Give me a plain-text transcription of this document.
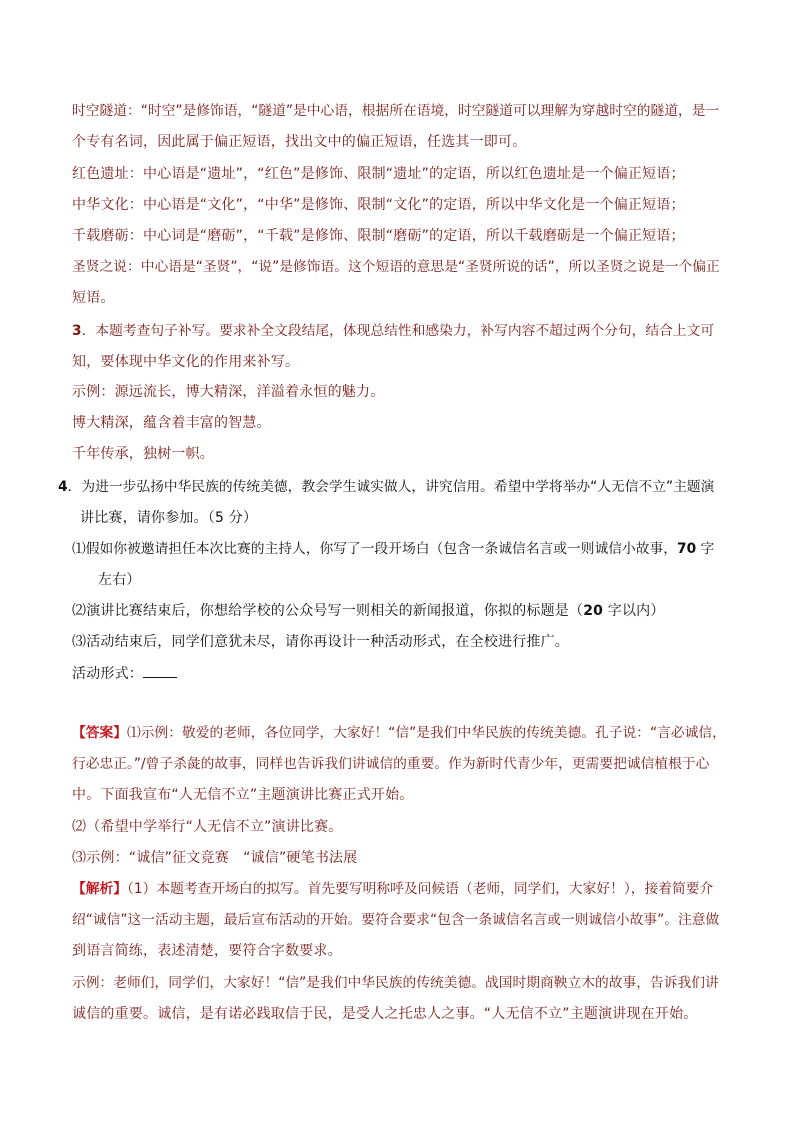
时空隧道：“时空”是修饰语，“隧道”是中心语，根据所在语境，时空隧道可以理解为穿越时空的隧道，是一
个专有名词，因此属于偏正短语，找出文中的偏正短语，任选其一即可。
红色遗址：中心语是“遗址”，“红色”是修饰、限制“遗址”的定语，所以红色遗址是一个偏正短语；
中华文化：中心语是“文化”，“中华”是修饰、限制“文化”的定语，所以中华文化是一个偏正短语；
千载磨砺：中心词是“磨砺”，“千载”是修饰、限制“磨砺”的定语，所以千载磨砺是一个偏正短语；
圣贤之说：中心语是“圣贤”，“说”是修饰语。这个短语的意思是“圣贤所说的话”，所以圣贤之说是一个偏正
短语。
3．本题考查句子补写。要求补全文段结尾，体现总结性和感染力，补写内容不超过两个分句，结合上文可
知，要体现中华文化的作用来补写。
示例：源远流长，博大精深，洋溢着永恒的魅力。
博大精深，蕴含着丰富的智慧。
千年传承，独树一帜。
4．为进一步弘扬中华民族的传统美德，教会学生诚实做人，讲究信用。希望中学将举办“人无信不立”主题演
讲比赛，请你参加。（5 分）
⑴假如你被邀请担任本次比赛的主持人，你写了一段开场白（包含一条诚信名言或一则诚信小故事，70 字
左右）
⑵演讲比赛结束后，你想给学校的公众号写一则相关的新闻报道，你拟的标题是（20 字以内）
⑶活动结束后，同学们意犹未尽，请你再设计一种活动形式，在全校进行推广。
活动形式：
【答案】⑴示例：敬爱的老师，各位同学，大家好！“信”是我们中华民族的传统美德。孔子说：“言必诚信，
行必忠正。”/曾子杀彘的故事，同样也告诉我们讲诚信的重要。作为新时代青少年，更需要把诚信植根于心
中。下面我宣布“人无信不立”主题演讲比赛正式开始。
⑵（希望中学举行“人无信不立”演讲比赛。
⑶示例：“诚信”征文竞赛　“诚信”硬笔书法展
【解析】（1）本题考查开场白的拟写。首先要写明称呼及问候语（老师，同学们，大家好！），接着简要介
绍“诚信”这一活动主题，最后宣布活动的开始。要符合要求“包含一条诚信名言或一则诚信小故事”。注意做
到语言简练，表述清楚，要符合字数要求。
示例：老师们，同学们，大家好！“信”是我们中华民族的传统美德。战国时期商鞅立木的故事，告诉我们讲
诚信的重要。诚信，是有诺必践取信于民，是受人之托忠人之事。“人无信不立”主题演讲现在开始。
